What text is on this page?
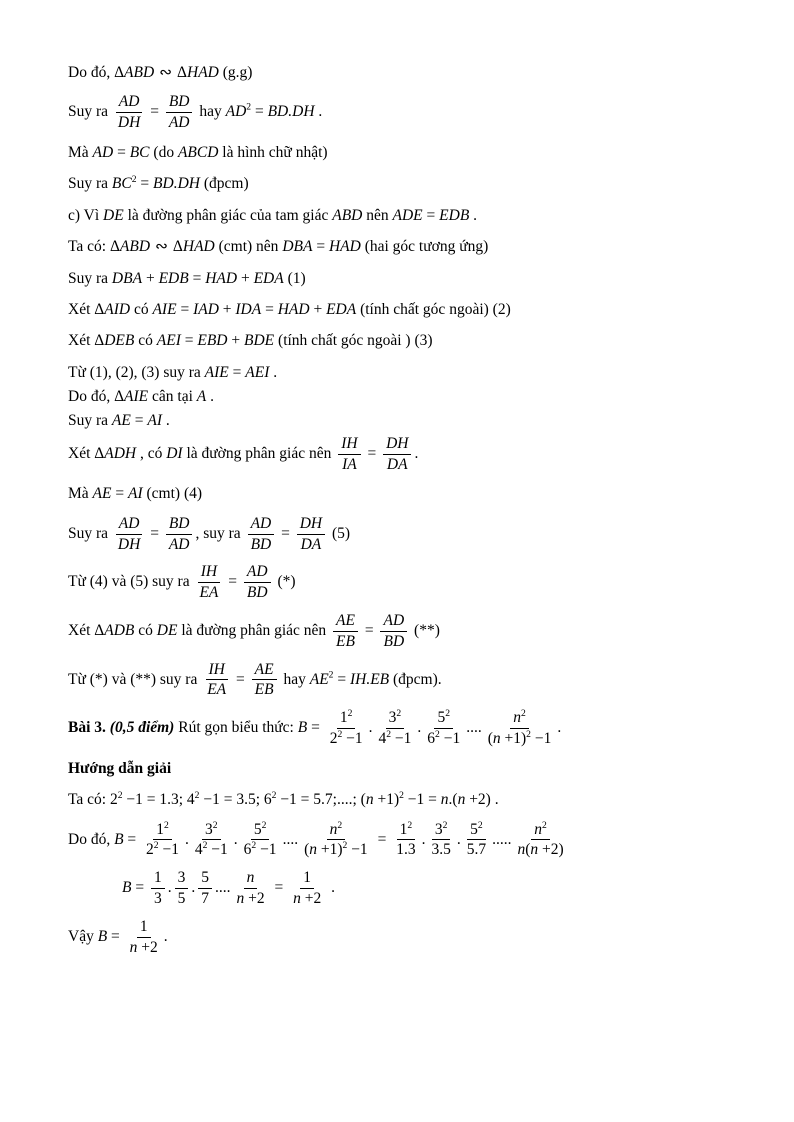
Do đó, ΔABD ∾ ΔHAD (g.g)
Suy ra $\frac{AD}{DH} = \frac{BD}{AD}$ hay $AD^2 = BD.DH$ .
Mà AD = BC (do ABCD là hình chữ nhật)
Suy ra $BC^2 = BD.DH$ (đpcm)
c) Vì DE là đường phân giác của tam giác ABD nên ADE = EDB .
Ta có: ΔABD ∾ ΔHAD (cmt) nên DBA = HAD (hai góc tương ứng)
Suy ra DBA + EDB = HAD + EDA (1)
Xét ΔAID có AIE = IAD + IDA = HAD + EDA (tính chất góc ngoài) (2)
Xét ΔDEB có AEI = EBD + BDE (tính chất góc ngoài ) (3)
Từ (1), (2), (3) suy ra AIE = AEI .
Do đó, ΔAIE cân tại A .
Suy ra AE = AI .
Xét ΔADH , có DI là đường phân giác nên $\frac{IH}{IA} = \frac{DH}{DA}$ .
Mà AE = AI (cmt) (4)
Suy ra $\frac{AD}{DH} = \frac{BD}{AD}$ , suy ra $\frac{AD}{BD} = \frac{DH}{DA} (5)$
Từ (4) và (5) suy ra $\frac{IH}{EA} = \frac{AD}{BD}$ (*)
Xét ΔADB có DE là đường phân giác nên $\frac{AE}{EB} = \frac{AD}{BD}$ (**)
Từ (*) và (**) suy ra $\frac{IH}{EA} = \frac{AE}{EB}$ hay $AE^2 = IH.EB$ (đpcm).
Bài 3. (0,5 điểm) Rút gọn biểu thức: $B = \frac{1^2}{2^2 -1}$ . $\frac{3^2}{4^2 -1}$ . $\frac{5^2}{6^2 -1}$ .... $\frac{n^2}{(n +1)^2 -1}$ .
Hướng dẫn giải
Ta có: $2^2 -1 = 1.3$; $4^2 -1 = 3.5$; $6^2 -1 = 5.7$;....; $(n +1)^2 -1 = n.(n +2)$ .
Do đó, $B = \frac{1^2}{2^2 -1}$ . $\frac{3^2}{4^2 -1}$ . $\frac{5^2}{6^2 -1}$ .... $\frac{n^2}{(n +1)^2 -1} = \frac{1^2}{1.3}$ . $\frac{3^2}{3.5}$ . $\frac{5^2}{5.7}$ ..... $\frac{n^2}{n(n +2)}$
$B = \frac{1}{3}$ . $\frac{3}{5}$ . $\frac{5}{7}$ .... $\frac{n}{n +2} = \frac{1}{n +2}$ .
Vậy $B = \frac{1}{n +2}$ .
